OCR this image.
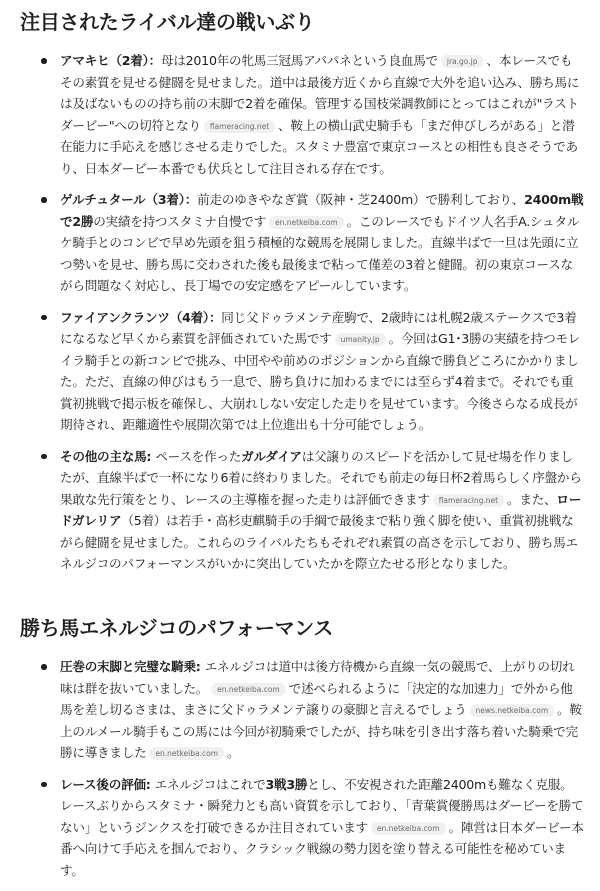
注目されたライバル達の戦いぶり
アマキヒ（2着）：母は2010年の牝馬三冠馬アパパネという良血馬で jra.go.jp 、本レースでもその素質を見せる健闘を見せました。道中は最後方近くから直線で大外を追い込み、勝ち馬には及ばないものの持ち前の末脚で2着を確保。管理する国枝栄調教師にとってはこれが"ラストダービー"への切符となり flameracing.net 、鞍上の横山武史騎手も「まだ伸びしろがある」と潜在能力に手応えを感じさせる走りでした。スタミナ豊富で東京コースとの相性も良さそうであり、日本ダービー本番でも伏兵として注目される存在です。
ゲルチュタール（3着）：前走のゆきやなぎ賞（阪神・芝2400m）で勝利しており、2400m戦で2勝の実績を持つスタミナ自慢です en.netkeiba.com 。このレースでもドイツ人名手A.シュタルケ騎手とのコンビで早め先頭を狙う積極的な競馬を展開しました。直線半ばで一旦は先頭に立つ勢いを見せ、勝ち馬に交わされた後も最後まで粘って僅差の3着と健闘。初の東京コースながら問題なく対応し、長丁場での安定感をアピールしています。
ファイアンクランツ（4着）：同じ父ドゥラメンテ産駒で、2歳時には札幌2歳ステークスで3着になるなど早くから素質を評価されていた馬です umanity.jp 。今回はG1･3勝の実績を持つモレイラ騎手との新コンビで挑み、中団やや前めのポジションから直線で勝負どころにかかりました。ただ、直線の伸びはもう一息で、勝ち負けに加わるまでには至らず4着まで。それでも重賞初挑戦で掲示板を確保し、大崩れしない安定した走りを見せています。今後さらなる成長が期待され、距離適性や展開次第では上位進出も十分可能でしょう。
その他の主な馬: ペースを作ったガルダイアは父譲りのスピードを活かして見せ場を作りましたが、直線半ばで一杯になり6着に終わりました。それでも前走の毎日杯2着馬らしく序盤から果敢な先行策をとり、レースの主導権を握った走りは評価できます flameracing.net 。また、ロードガレリア（5着）は若手・高杉吏麒騎手の手綱で最後まで粘り強く脚を使い、重賞初挑戦ながら健闘を見せました。これらのライバルたちもそれぞれ素質の高さを示しており、勝ち馬エネルジコのパフォーマンスがいかに突出していたかを際立たせる形となりました。
勝ち馬エネルジコのパフォーマンス
圧巻の末脚と完璧な騎乗: エネルジコは道中は後方待機から直線一気の競馬で、上がりの切れ味は群を抜いていました。 en.netkeiba.com で述べられるように「決定的な加速力」で外から他馬を差し切るさまは、まさに父ドゥラメンテ譲りの豪脚と言えるでしょう news.netkeiba.com 。鞍上のルメール騎手もこの馬には今回が初騎乗でしたが、持ち味を引き出す落ち着いた騎乗で完勝に導きました en.netkeiba.com 。
レース後の評価: エネルジコはこれで3戦3勝とし、不安視された距離2400mも難なく克服。レースぶりからスタミナ・瞬発力とも高い資質を示しており、「青葉賞優勝馬はダービーを勝てない」というジンクスを打破できるか注目されています en.netkeiba.com 。陣営は日本ダービー本番へ向けて手応えを掴んでおり、クラシック戦線の勢力図を塗り替える可能性を秘めています。
